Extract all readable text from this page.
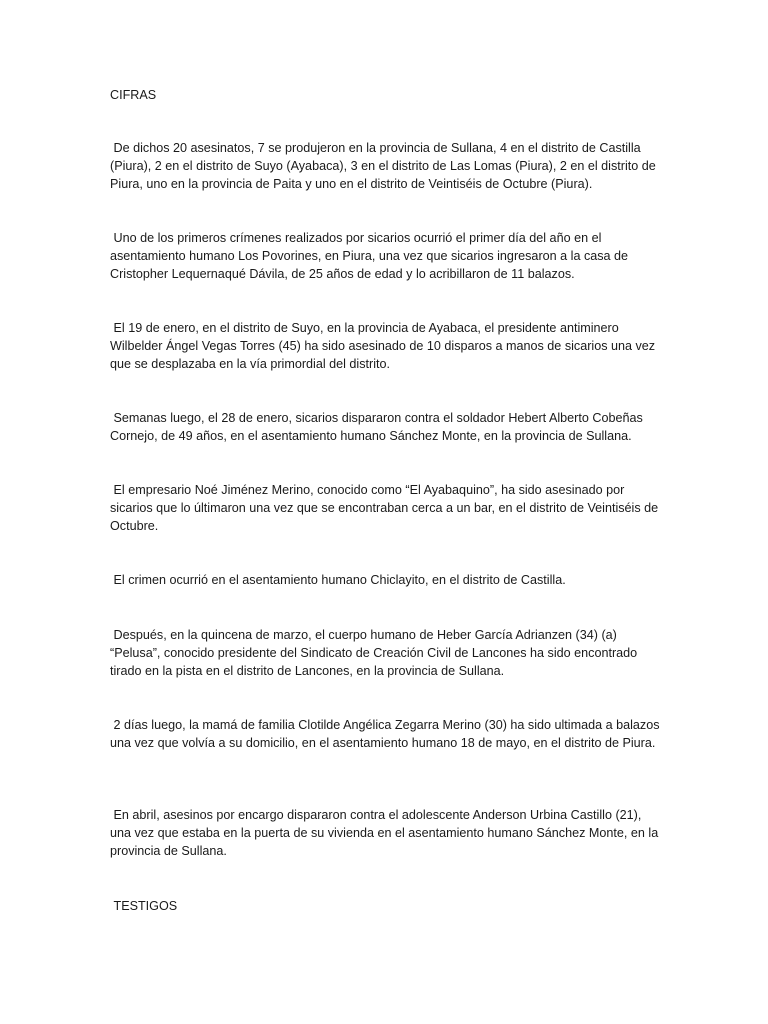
CIFRAS

De dichos 20 asesinatos, 7 se produjeron en la provincia de Sullana, 4 en el distrito de Castilla (Piura), 2 en el distrito de Suyo (Ayabaca), 3 en el distrito de Las Lomas (Piura), 2 en el distrito de Piura, uno en la provincia de Paita y uno en el distrito de Veintiséis de Octubre (Piura).

Uno de los primeros crímenes realizados por sicarios ocurrió el primer día del año en el asentamiento humano Los Povorines, en Piura, una vez que sicarios ingresaron a la casa de Cristopher Lequernaqué Dávila, de 25 años de edad y lo acribillaron de 11 balazos.

El 19 de enero, en el distrito de Suyo, en la provincia de Ayabaca, el presidente antiminero Wilbelder Ángel Vegas Torres (45) ha sido asesinado de 10 disparos a manos de sicarios una vez que se desplazaba en la vía primordial del distrito.

Semanas luego, el 28 de enero, sicarios dispararon contra el soldador Hebert Alberto Cobeñas Cornejo, de 49 años, en el asentamiento humano Sánchez Monte, en la provincia de Sullana.

El empresario Noé Jiménez Merino, conocido como “El Ayabaquino”, ha sido asesinado por sicarios que lo últimaron una vez que se encontraban cerca a un bar, en el distrito de Veintiséis de Octubre.

El crimen ocurrió en el asentamiento humano Chiclayito, en el distrito de Castilla.

Después, en la quincena de marzo, el cuerpo humano de Heber García Adrianzen (34) (a) “Pelusa”, conocido presidente del Sindicato de Creación Civil de Lancones ha sido encontrado tirado en la pista en el distrito de Lancones, en la provincia de Sullana.

2 días luego, la mamá de familia Clotilde Angélica Zegarra Merino (30) ha sido ultimada a balazos una vez que volvía a su domicilio, en el asentamiento humano 18 de mayo, en el distrito de Piura.

En abril, asesinos por encargo dispararon contra el adolescente Anderson Urbina Castillo (21), una vez que estaba en la puerta de su vivienda en el asentamiento humano Sánchez Monte, en la provincia de Sullana.

TESTIGOS
